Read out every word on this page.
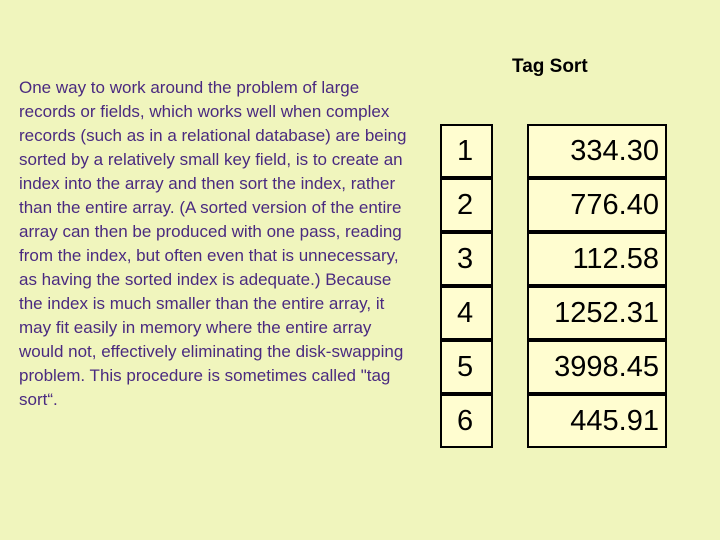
One way to work around the problem of large records or fields, which works well when complex records (such as in a relational database) are being sorted by a relatively small key field, is to create an index into the array and then sort the index, rather than the entire array. (A sorted version of the entire array can then be produced with one pass, reading from the index, but often even that is unnecessary, as having the sorted index is adequate.) Because the index is much smaller than the entire array, it may fit easily in memory where the entire array would not, effectively eliminating the disk-swapping problem. This procedure is sometimes called "tag sort“.
Tag Sort
1	334.30
2	776.40
3	112.58
4	1252.31
5	3998.45
6	445.91
